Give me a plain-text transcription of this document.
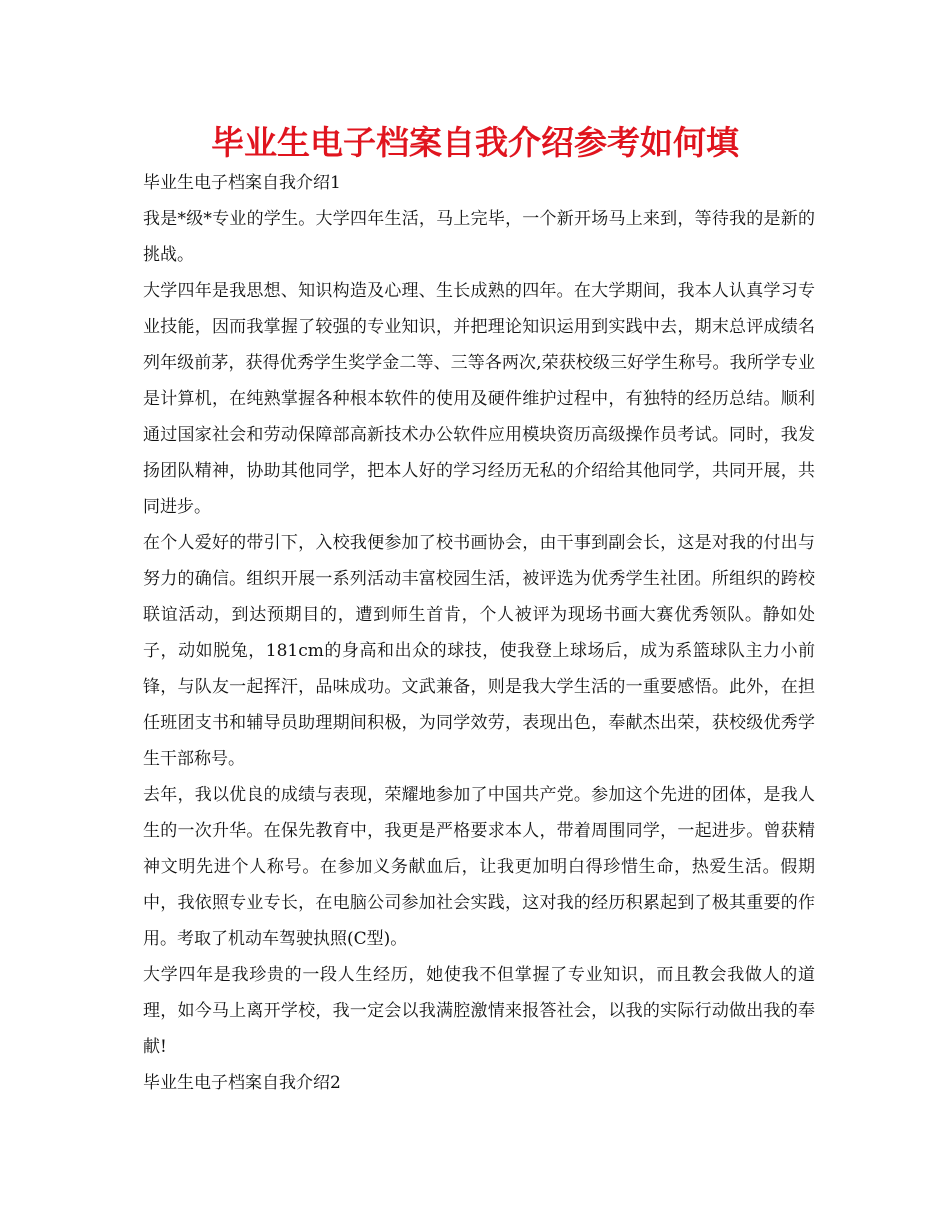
毕业生电子档案自我介绍参考如何填

毕业生电子档案自我介绍1

我是*级*专业的学生。大学四年生活，马上完毕，一个新开场马上来到，等待我的是新的挑战。

大学四年是我思想、知识构造及心理、生长成熟的四年。在大学期间，我本人认真学习专业技能，因而我掌握了较强的专业知识，并把理论知识运用到实践中去，期末总评成绩名列年级前茅，获得优秀学生奖学金二等、三等各两次,荣获校级三好学生称号。我所学专业是计算机，在纯熟掌握各种根本软件的使用及硬件维护过程中，有独特的经历总结。顺利通过国家社会和劳动保障部高新技术办公软件应用模块资历高级操作员考试。同时，我发扬团队精神，协助其他同学，把本人好的学习经历无私的介绍给其他同学，共同开展，共同进步。

在个人爱好的带引下，入校我便参加了校书画协会，由干事到副会长，这是对我的付出与努力的确信。组织开展一系列活动丰富校园生活，被评选为优秀学生社团。所组织的跨校联谊活动，到达预期目的，遭到师生首肯，个人被评为现场书画大赛优秀领队。静如处子，动如脱兔，181cm的身高和出众的球技，使我登上球场后，成为系篮球队主力小前锋，与队友一起挥汗，品味成功。文武兼备，则是我大学生活的一重要感悟。此外，在担任班团支书和辅导员助理期间积极，为同学效劳，表现出色，奉献杰出荣，获校级优秀学生干部称号。

去年，我以优良的成绩与表现，荣耀地参加了中国共产党。参加这个先进的团体，是我人生的一次升华。在保先教育中，我更是严格要求本人，带着周围同学，一起进步。曾获精神文明先进个人称号。在参加义务献血后，让我更加明白得珍惜生命，热爱生活。假期中，我依照专业专长，在电脑公司参加社会实践，这对我的经历积累起到了极其重要的作用。考取了机动车驾驶执照(C型)。

大学四年是我珍贵的一段人生经历，她使我不但掌握了专业知识，而且教会我做人的道理，如今马上离开学校，我一定会以我满腔激情来报答社会，以我的实际行动做出我的奉献!

毕业生电子档案自我介绍2
